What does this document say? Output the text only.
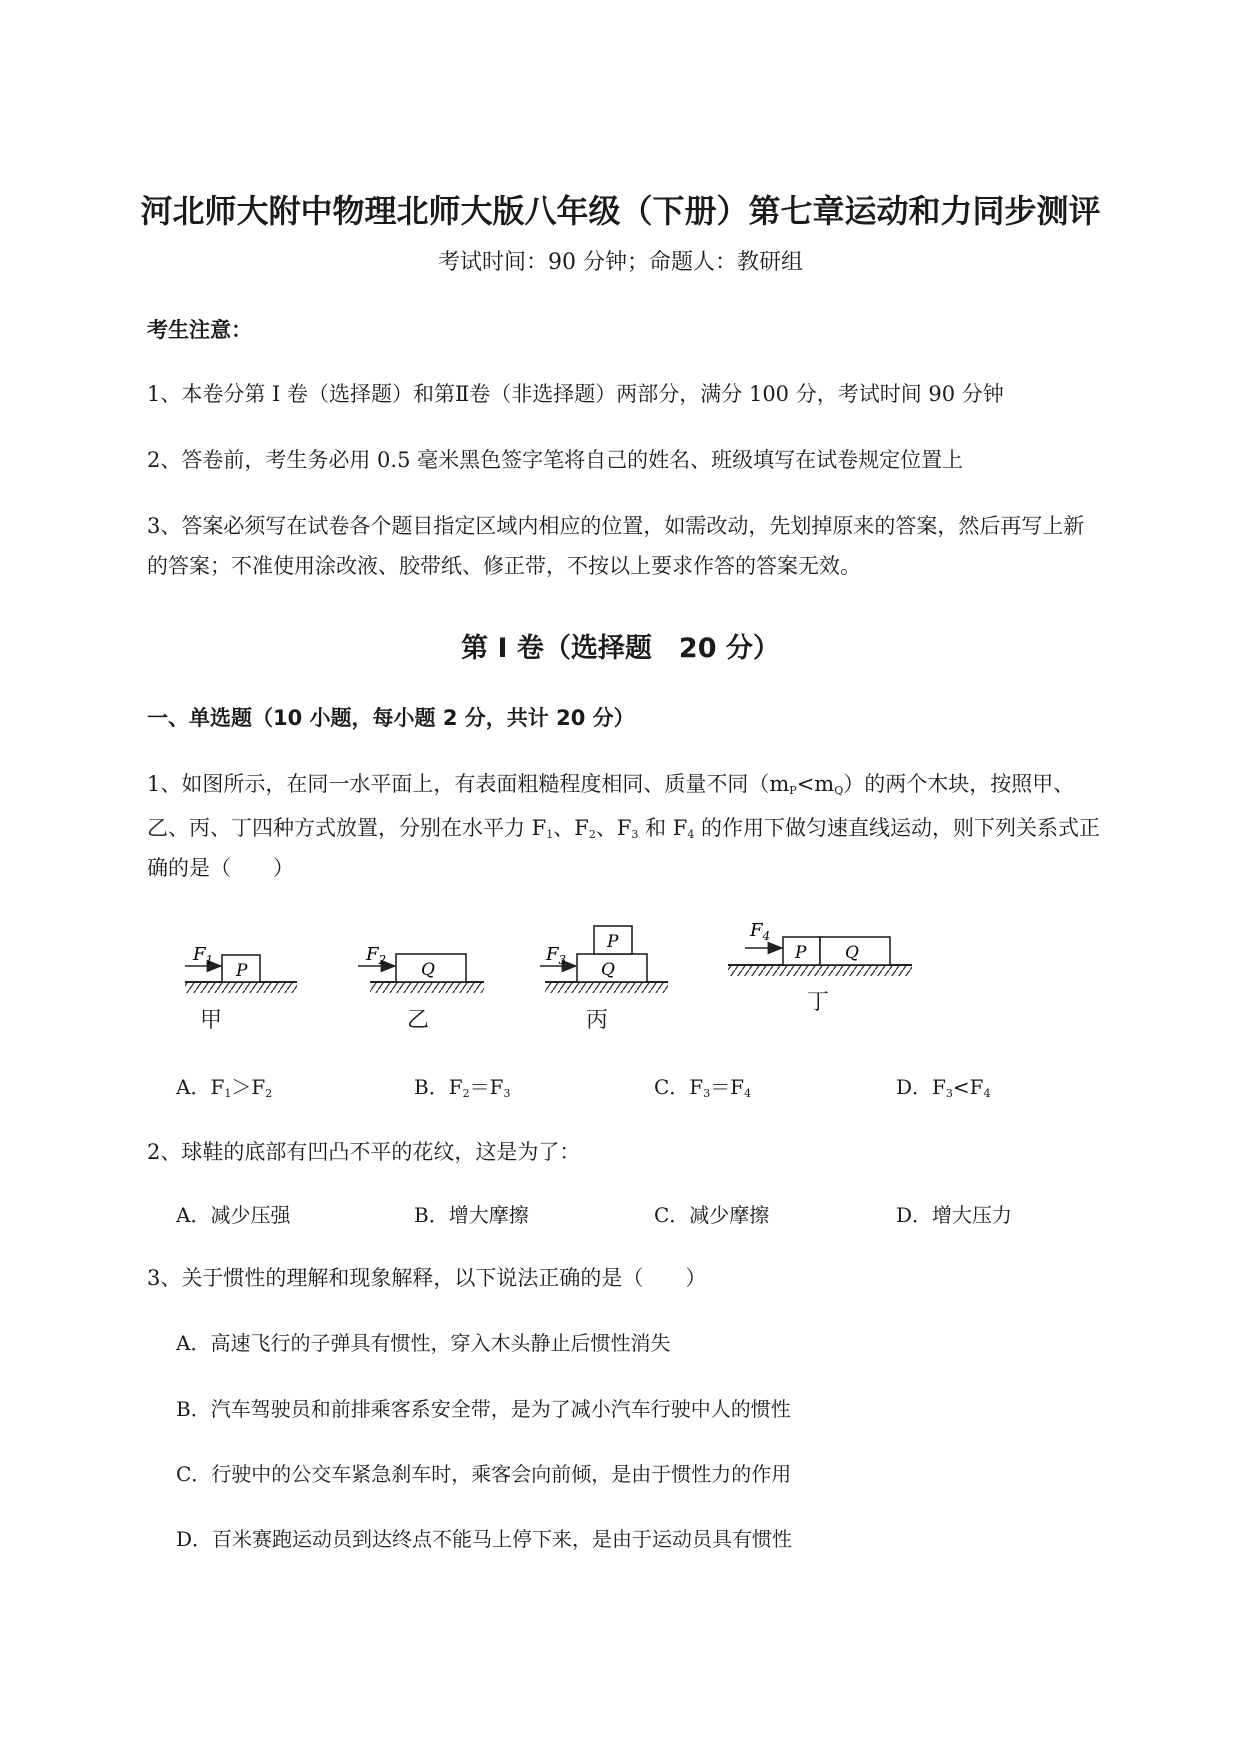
河北师大附中物理北师大版八年级（下册）第七章运动和力同步测评
考试时间：90 分钟；命题人：教研组
考生注意：
1、本卷分第 I 卷（选择题）和第Ⅱ卷（非选择题）两部分，满分 100 分，考试时间 90 分钟
2、答卷前，考生务必用 0.5 毫米黑色签字笔将自己的姓名、班级填写在试卷规定位置上
3、答案必须写在试卷各个题目指定区域内相应的位置，如需改动，先划掉原来的答案，然后再写上新
的答案；不准使用涂改液、胶带纸、修正带，不按以上要求作答的答案无效。
第 I 卷（选择题　20 分）
一、单选题（10 小题，每小题 2 分，共计 20 分）
1、如图所示，在同一水平面上，有表面粗糙程度相同、质量不同$(m_P<m_Q)$的两个木块，按照甲、
乙、丙、丁四种方式放置，分别在水平力 $F_1$、$F_2$、$F_3$ 和 $F_4$ 的作用下做匀速直线运动，则下列关系式正
确的是（　　）
P
$F_1$	Q
$F_2$	Q
P
$F_3$	P Q
$F_4$
甲	乙	丙
丁
A．$F_1>F_2$	B．$F_2=F_3$	C．$F_3=F_4$	D．$F_3<F_4$
2、球鞋的底部有凹凸不平的花纹，这是为了：
A．减少压强	B．增大摩擦	C．减少摩擦	D．增大压力
3、关于惯性的理解和现象解释，以下说法正确的是（　　）
A．高速飞行的子弹具有惯性，穿入木头静止后惯性消失
B．汽车驾驶员和前排乘客系安全带，是为了减小汽车行驶中人的惯性
C．行驶中的公交车紧急刹车时，乘客会向前倾，是由于惯性力的作用
D．百米赛跑运动员到达终点不能马上停下来，是由于运动员具有惯性
